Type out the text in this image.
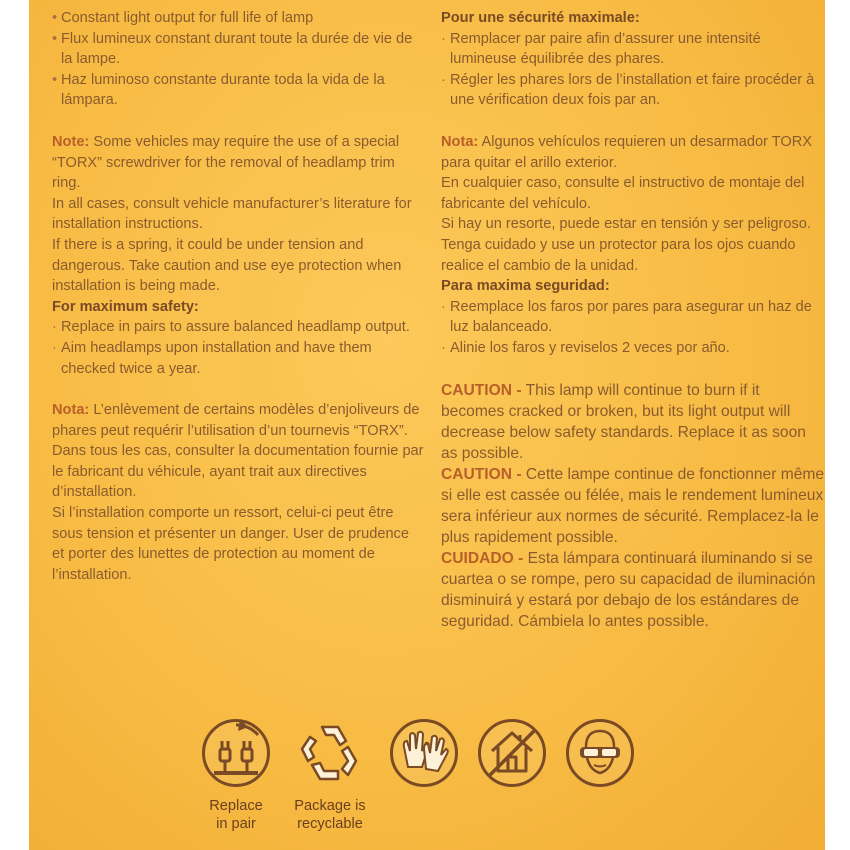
• Constant light output for full life of lamp
• Flux lumineux constant durant toute la durée de vie de la lampe.
• Haz luminoso constante durante toda la vida de la lámpara.

Note: Some vehicles may require the use of a special “TORX” screwdriver for the removal of headlamp trim ring.

In all cases, consult vehicle manufacturer’s literature for installation instructions.

If there is a spring, it could be under tension and dangerous. Take caution and use eye protection when installation is being made.

For maximum safety:

· Replace in pairs to assure balanced headlamp output.
· Aim headlamps upon installation and have them checked twice a year.

Nota: L’enlèvement de certains modèles d’enjoliveurs de phares peut requérir l’utilisation d’un tournevis “TORX”.

Dans tous les cas, consulter la documentation fournie par le fabricant du véhicule, ayant trait aux directives d’installation.

Si l’installation comporte un ressort, celui-ci peut être sous tension et présenter un danger. User de prudence et porter des lunettes de protection au moment de l’installation.

Pour une sécurité maximale:

· Remplacer par paire afin d’assurer une intensité lumineuse équilibrée des phares.
· Régler les phares lors de l’installation et faire procéder à une vérification deux fois par an.

Nota: Algunos vehículos requieren un desarmador TORX para quitar el arillo exterior.

En cualquier caso, consulte el instructivo de montaje del fabricante del vehículo.

Si hay un resorte, puede estar en tensión y ser peligroso. Tenga cuidado y use un protector para los ojos cuando realice el cambio de la unidad.

Para maxima seguridad:

· Reemplace los faros por pares para asegurar un haz de luz balanceado.
· Alinie los faros y reviselos 2 veces por año.

CAUTION - This lamp will continue to burn if it becomes cracked or broken, but its light output will decrease below safety standards. Replace it as soon as possible.

CAUTION - Cette lampe continue de fonctionner même si elle est cassée ou félée, mais le rendement lumineux sera inférieur aux normes de sécurité. Remplacez-la le plus rapidement possible.

CUIDADO - Esta lámpara continuará iluminando si se cuartea o se rompe, pero su capacidad de iluminación disminuirá y estará por debajo de los estándares de seguridad. Cámbiela lo antes possible.

Replace
in pair
Package is
recyclable
